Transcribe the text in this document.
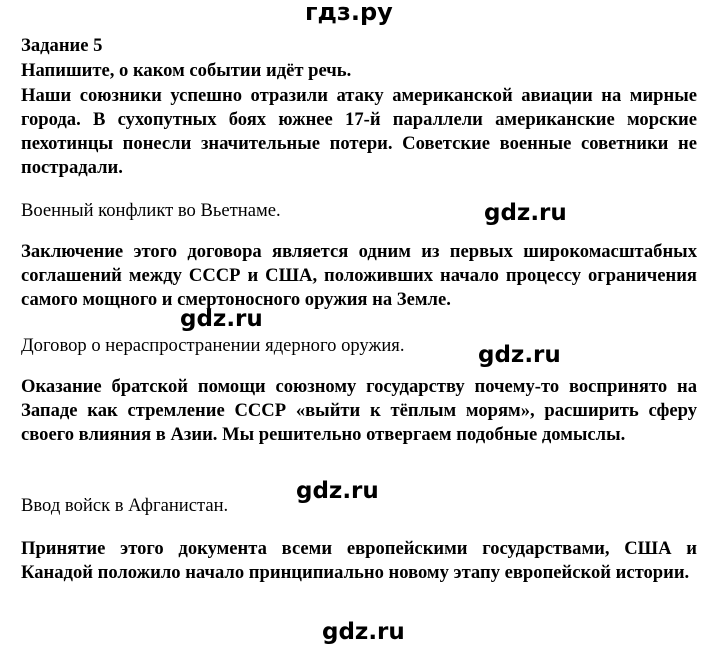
гдз.ру
Задание 5
Напишите, о каком событии идёт речь.

Наши союзники успешно отразили атаку американской авиации на мирные города. В сухопутных боях южнее 17-й параллели американские морские пехотинцы понесли значительные потери. Советские военные советники не пострадали.

Военный конфликт во Вьетнаме.	gdz.ru

Заключение этого договора является одним из первых широкомасштабных соглашений между СССР и США, положивших начало процессу ограничения самого мощного и смертоносного оружия на Земле.

gdz.ru

Договор о нераспространении ядерного оружия.	gdz.ru

Оказание братской помощи союзному государству почему-то воспринято на Западе как стремление СССР «выйти к тёплым морям», расширить сферу своего влияния в Азии. Мы решительно отвергаем подобные домыслы.

gdz.ru

Ввод войск в Афганистан.

Принятие этого документа всеми европейскими государствами, США и Канадой положило начало принципиально новому этапу европейской истории.

gdz.ru
